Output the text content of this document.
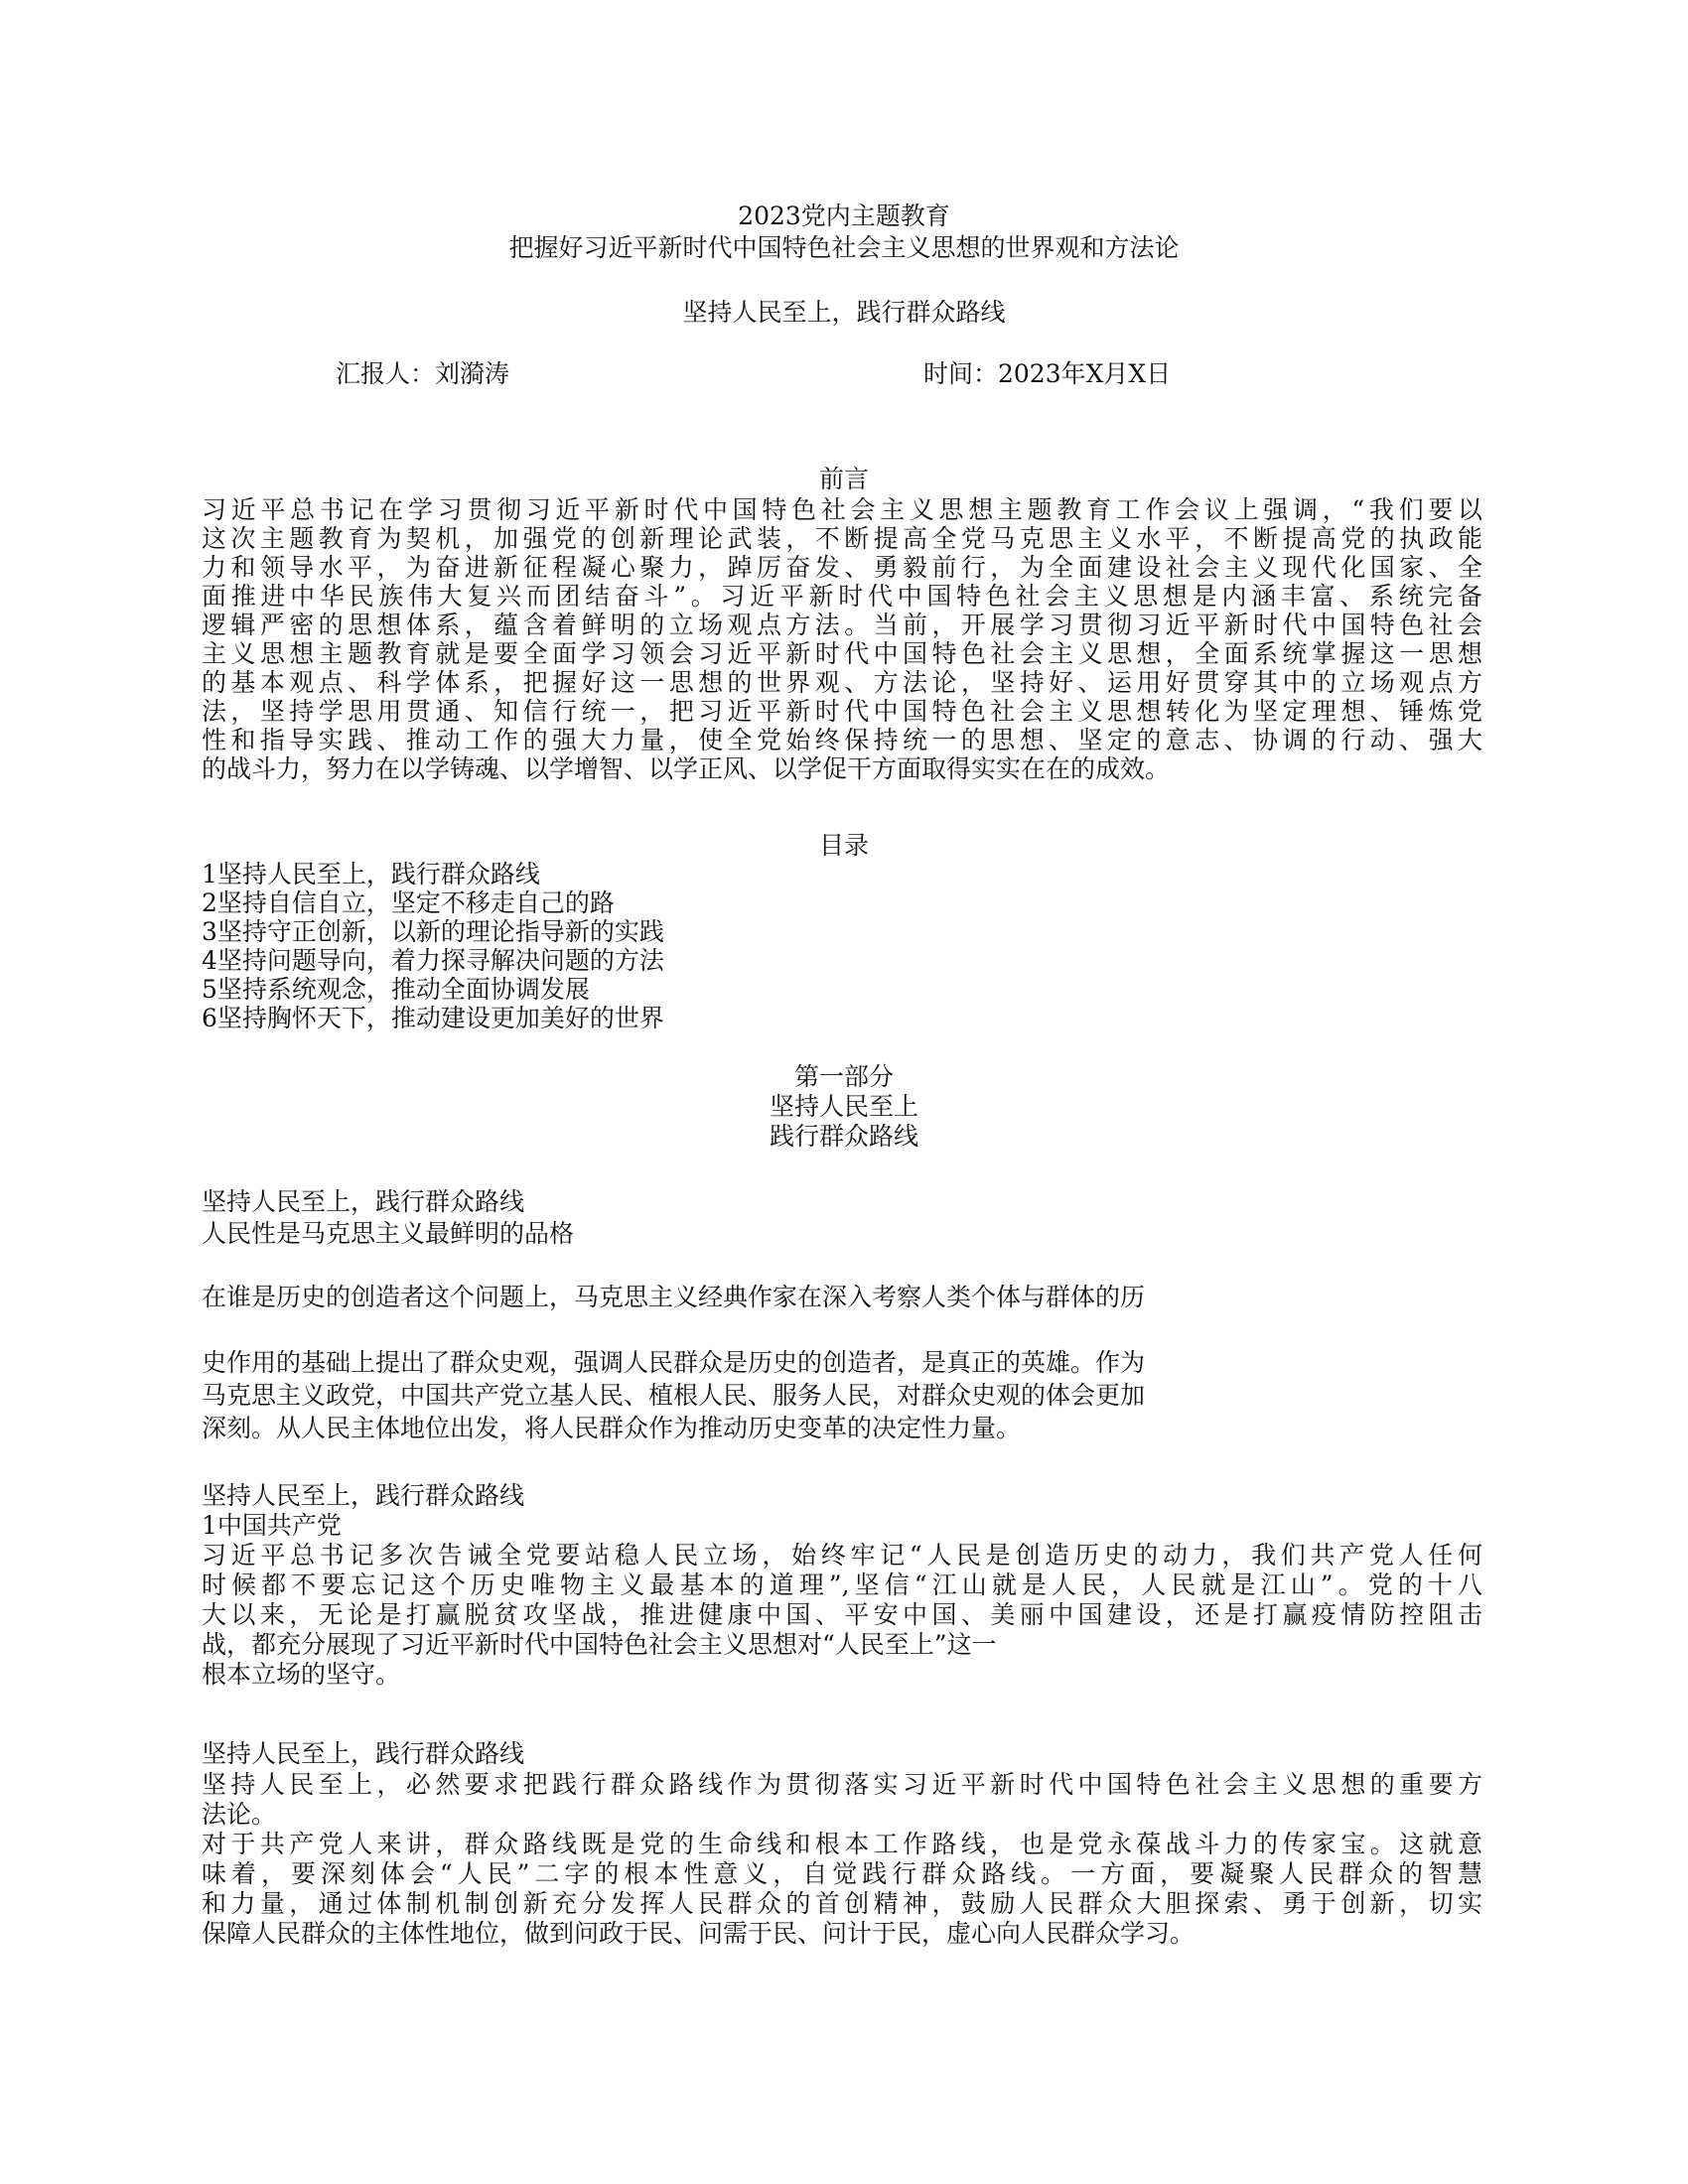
2023党内主题教育
把握好习近平新时代中国特色社会主义思想的世界观和方法论
坚持人民至上，践行群众路线
汇报人：刘漪涛	时间：2023年X月X日
前言
习近平总书记在学习贯彻习近平新时代中国特色社会主义思想主题教育工作会议上强调，“我们要以
这次主题教育为契机，加强党的创新理论武装，不断提高全党马克思主义水平，不断提高党的执政能
力和领导水平，为奋进新征程凝心聚力，踔厉奋发、勇毅前行，为全面建设社会主义现代化国家、全
面推进中华民族伟大复兴而团结奋斗”。习近平新时代中国特色社会主义思想是内涵丰富、系统完备
逻辑严密的思想体系，蕴含着鲜明的立场观点方法。当前，开展学习贯彻习近平新时代中国特色社会
主义思想主题教育就是要全面学习领会习近平新时代中国特色社会主义思想，全面系统掌握这一思想
的基本观点、科学体系，把握好这一思想的世界观、方法论，坚持好、运用好贯穿其中的立场观点方
法，坚持学思用贯通、知信行统一，把习近平新时代中国特色社会主义思想转化为坚定理想、锤炼党
性和指导实践、推动工作的强大力量，使全党始终保持统一的思想、坚定的意志、协调的行动、强大
的战斗力，努力在以学铸魂、以学增智、以学正风、以学促干方面取得实实在在的成效。
目录
1坚持人民至上，践行群众路线
2坚持自信自立，坚定不移走自己的路
3坚持守正创新，以新的理论指导新的实践
4坚持问题导向，着力探寻解决问题的方法
5坚持系统观念，推动全面协调发展
6坚持胸怀天下，推动建设更加美好的世界
第一部分
坚持人民至上
践行群众路线
坚持人民至上，践行群众路线
人民性是马克思主义最鲜明的品格
在谁是历史的创造者这个问题上，马克思主义经典作家在深入考察人类个体与群体的历
史作用的基础上提出了群众史观，强调人民群众是历史的创造者，是真正的英雄。作为
马克思主义政党，中国共产党立基人民、植根人民、服务人民，对群众史观的体会更加
深刻。从人民主体地位出发，将人民群众作为推动历史变革的决定性力量。
坚持人民至上，践行群众路线
1中国共产党
习近平总书记多次告诫全党要站稳人民立场，始终牢记“人民是创造历史的动力，我们共产党人任何
时候都不要忘记这个历史唯物主义最基本的道理”,坚信“江山就是人民，人民就是江山”。党的十八
大以来，无论是打赢脱贫攻坚战，推进健康中国、平安中国、美丽中国建设，还是打赢疫情防控阻击
战，都充分展现了习近平新时代中国特色社会主义思想对“人民至上”这一
根本立场的坚守。
坚持人民至上，践行群众路线
坚持人民至上，必然要求把践行群众路线作为贯彻落实习近平新时代中国特色社会主义思想的重要方
法论。
对于共产党人来讲，群众路线既是党的生命线和根本工作路线，也是党永葆战斗力的传家宝。这就意
味着，要深刻体会“人民”二字的根本性意义，自觉践行群众路线。一方面，要凝聚人民群众的智慧
和力量，通过体制机制创新充分发挥人民群众的首创精神，鼓励人民群众大胆探索、勇于创新，切实
保障人民群众的主体性地位，做到问政于民、问需于民、问计于民，虚心向人民群众学习。
